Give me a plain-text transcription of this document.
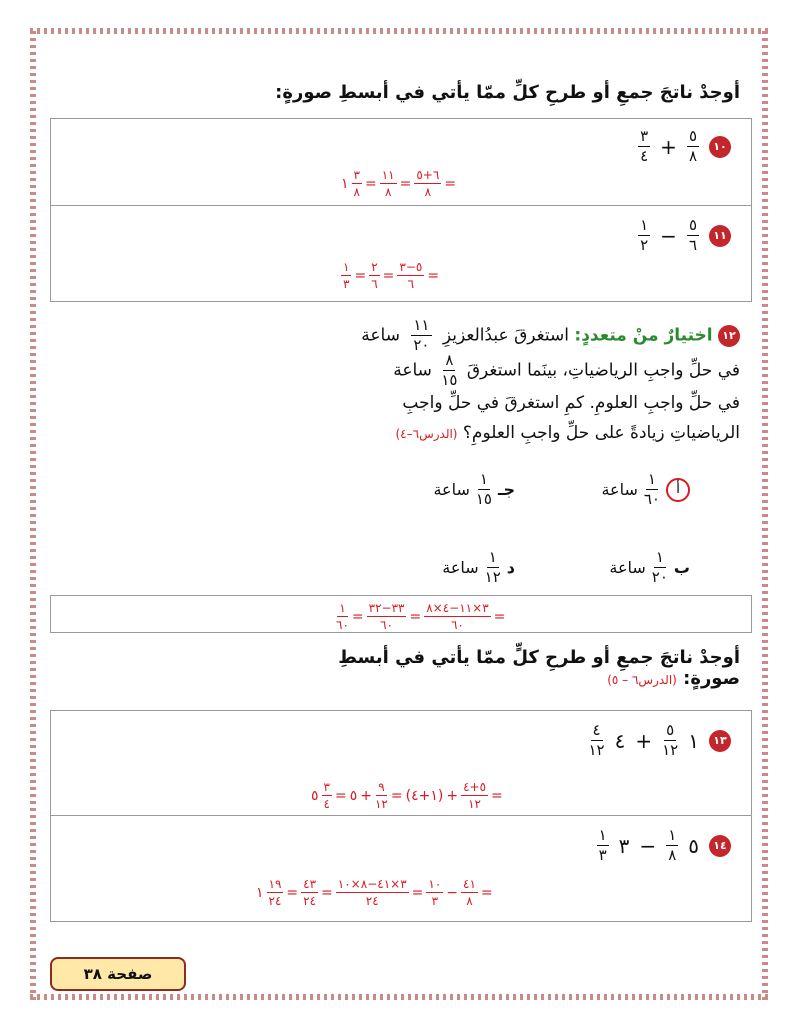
أوجدْ ناتجَ جمعِ أو طرحِ كلِّ ممّا يأتي في أبسطِ صورةٍ:
١٠
$\frac{٥}{٨}$
+
$\frac{٣}{٤}$
١ $\frac{٣}{٨} = \frac{١١}{٨} = \frac{٦+٥}{٨}$ =
١١
$\frac{٥}{٦}$
−
$\frac{١}{٢}$
$\frac{١}{٣} = \frac{٢}{٦} = \frac{٥-٣}{٦}$ =
١٢ اختيارٌ منْ متعددٍ: استغرقَ عبدُالعزيزِ
$\frac{١١}{٢٠}$
ساعة
في حلِّ واجبِ الرياضياتِ، بينَما استغرقَ
$\frac{٨}{١٥}$
ساعة
في حلِّ واجبِ العلومِ. كمِ استغرقَ في حلِّ واجبِ
الرياضياتِ زيادةً على حلِّ واجبِ العلومِ؟ (الدرس٦–٤)
أ
$\frac{١}{٦٠}$
ساعة
جـ
$\frac{١}{١٥}$
ساعة
ب
$\frac{١}{٢٠}$
ساعة
د
$\frac{١}{١٢}$
ساعة
$\frac{١}{٦٠} = \frac{٣٣-٣٢}{٦٠} = \frac{٣\times ١١-٤\times ٨}{٦٠}$ =
أوجدْ ناتجَ جمعِ أو طرحِ كلٍّ ممّا يأتي في أبسطِ
صورةٍ: (الدرس٦ – ٥)
١٣
١
$\frac{٥}{١٢}$
+
٤
$\frac{٤}{١٢}$
٥ $\frac{٣}{٤}$ = ٥ + $\frac{٩}{١٢}$ = (١+٤) + $\frac{٥+٤}{١٢}$ =
١٤
٥
$\frac{١}{٨}$
−
٣
$\frac{١}{٣}$
١ $\frac{١٩}{٢٤} = \frac{٤٣}{٢٤} = \frac{٣\times ٤١-٨\times ١٠}{٢٤} = \frac{١٠}{٣} - \frac{٤١}{٨}$ =
صفحة ٣٨
